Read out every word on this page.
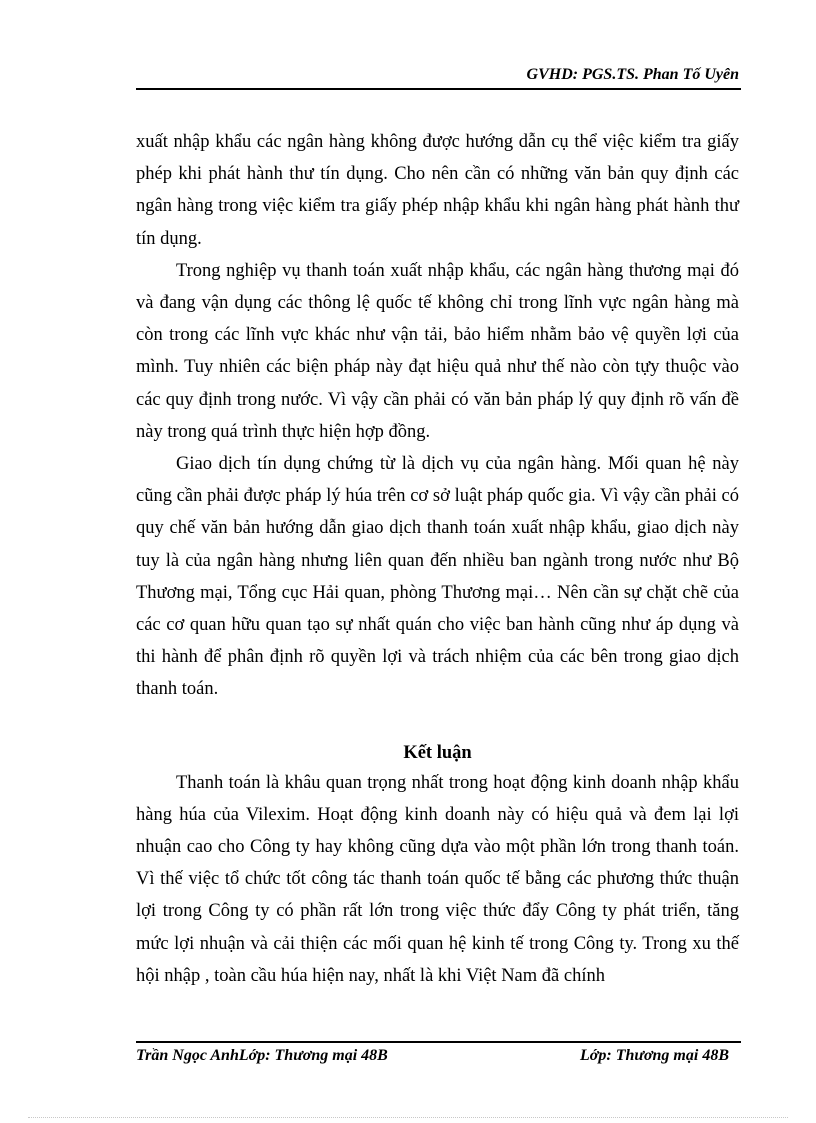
GVHD: PGS.TS. Phan Tố Uyên

xuất nhập khẩu các ngân hàng không được hướng dẫn cụ thể việc kiểm tra giấy phép khi phát hành thư tín dụng. Cho nên cần có những văn bản quy định các ngân hàng trong việc kiểm tra giấy phép nhập khẩu khi ngân hàng phát hành thư tín dụng.

Trong nghiệp vụ thanh toán xuất nhập khẩu, các ngân hàng thương mại đó và đang vận dụng các thông lệ quốc tế không chỉ trong lĩnh vực ngân hàng mà còn trong các lĩnh vực khác như vận tải, bảo hiểm nhằm bảo vệ quyền lợi của mình. Tuy nhiên các biện pháp này đạt hiệu quả như thế nào còn tựy thuộc vào các quy định trong nước. Vì vậy cần phải có văn bản pháp lý quy định rõ vấn đề này trong quá trình thực hiện hợp đồng.

Giao dịch tín dụng chứng từ là dịch vụ của ngân hàng. Mối quan hệ này cũng cần phải được pháp lý húa trên cơ sở luật pháp quốc gia. Vì vậy cần phải có quy chế văn bản hướng dẫn giao dịch thanh toán xuất nhập khẩu, giao dịch này tuy là của ngân hàng nhưng liên quan đến nhiều ban ngành trong nước như Bộ Thương mại, Tổng cục Hải quan, phòng Thương mại… Nên cần sự chặt chẽ của các cơ quan hữu quan tạo sự nhất quán cho việc ban hành cũng như áp dụng và thi hành để phân định rõ quyền lợi và trách nhiệm của các bên trong giao dịch thanh toán.

Kết luận

Thanh toán là khâu quan trọng nhất trong hoạt động kinh doanh nhập khẩu hàng húa của Vilexim. Hoạt động kinh doanh này có hiệu quả và đem lại lợi nhuận cao cho Công ty hay không cũng dựa vào một phần lớn trong thanh toán. Vì thế việc tổ chức tốt công tác thanh toán quốc tế bằng các phương thức thuận lợi trong Công ty có phần rất lớn trong việc thức đẩy Công ty phát triển, tăng mức lợi nhuận và cải thiện các mối quan hệ kinh tế trong Công ty. Trong xu thế hội nhập , toàn cầu húa hiện nay, nhất là khi Việt Nam đã chính

Trần Ngọc AnhLớp: Thương mại 48B	Lớp: Thương mại 48B
